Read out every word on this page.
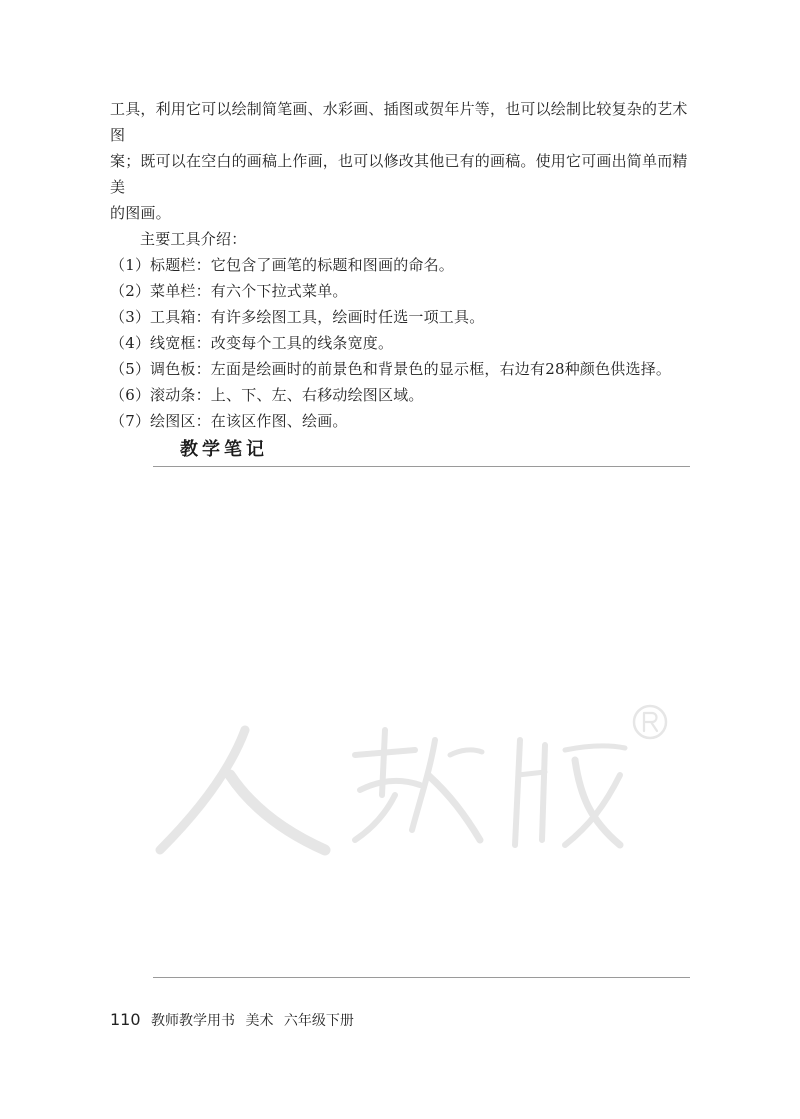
工具，利用它可以绘制简笔画、水彩画、插图或贺年片等，也可以绘制比较复杂的艺术图

案；既可以在空白的画稿上作画，也可以修改其他已有的画稿。使用它可画出简单而精美

的图画。

主要工具介绍：

（1）标题栏：它包含了画笔的标题和图画的命名。
（2）菜单栏：有六个下拉式菜单。
（3）工具箱：有许多绘图工具，绘画时任选一项工具。
（4）线宽框：改变每个工具的线条宽度。
（5）调色板：左面是绘画时的前景色和背景色的显示框，右边有28种颜色供选择。
（6）滚动条：上、下、左、右移动绘图区域。
（7）绘图区：在该区作图、绘画。
教学笔记
110 教师教学用书 美术 六年级下册
